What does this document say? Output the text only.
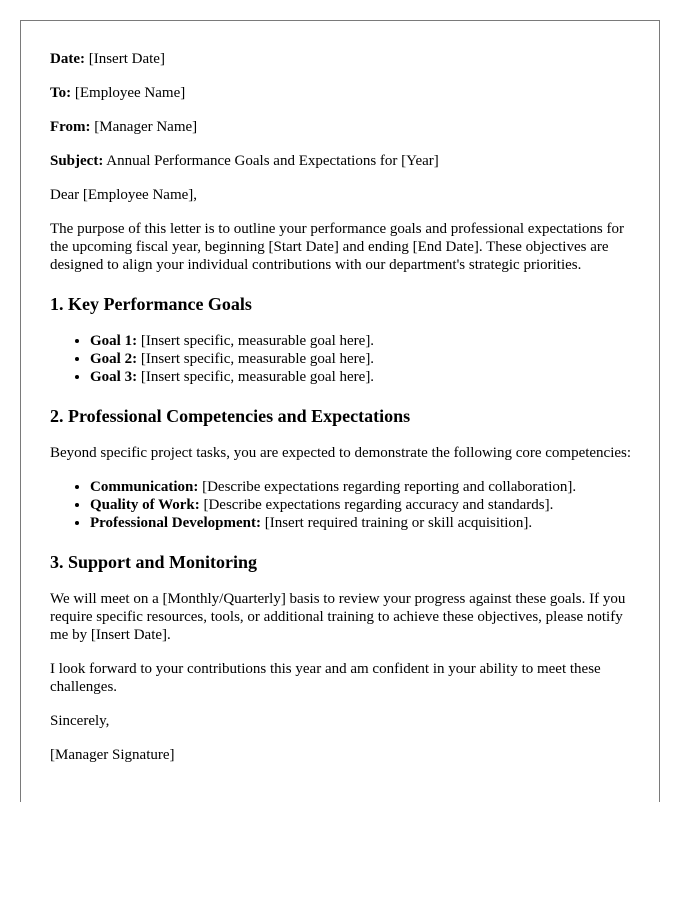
Date: [Insert Date]
To: [Employee Name]
From: [Manager Name]
Subject: Annual Performance Goals and Expectations for [Year]

Dear [Employee Name],

The purpose of this letter is to outline your performance goals and professional expectations for the upcoming fiscal year, beginning [Start Date] and ending [End Date]. These objectives are designed to align your individual contributions with our department's strategic priorities.

1. Key Performance Goals
• Goal 1: [Insert specific, measurable goal here].
• Goal 2: [Insert specific, measurable goal here].
• Goal 3: [Insert specific, measurable goal here].
2. Professional Competencies and Expectations

Beyond specific project tasks, you are expected to demonstrate the following core competencies:

• Communication: [Describe expectations regarding reporting and collaboration].
• Quality of Work: [Describe expectations regarding accuracy and standards].
• Professional Development: [Insert required training or skill acquisition].
3. Support and Monitoring

We will meet on a [Monthly/Quarterly] basis to review your progress against these goals. If you require specific resources, tools, or additional training to achieve these objectives, please notify me by [Insert Date].

I look forward to your contributions this year and am confident in your ability to meet these challenges.

Sincerely,

[Manager Signature]
